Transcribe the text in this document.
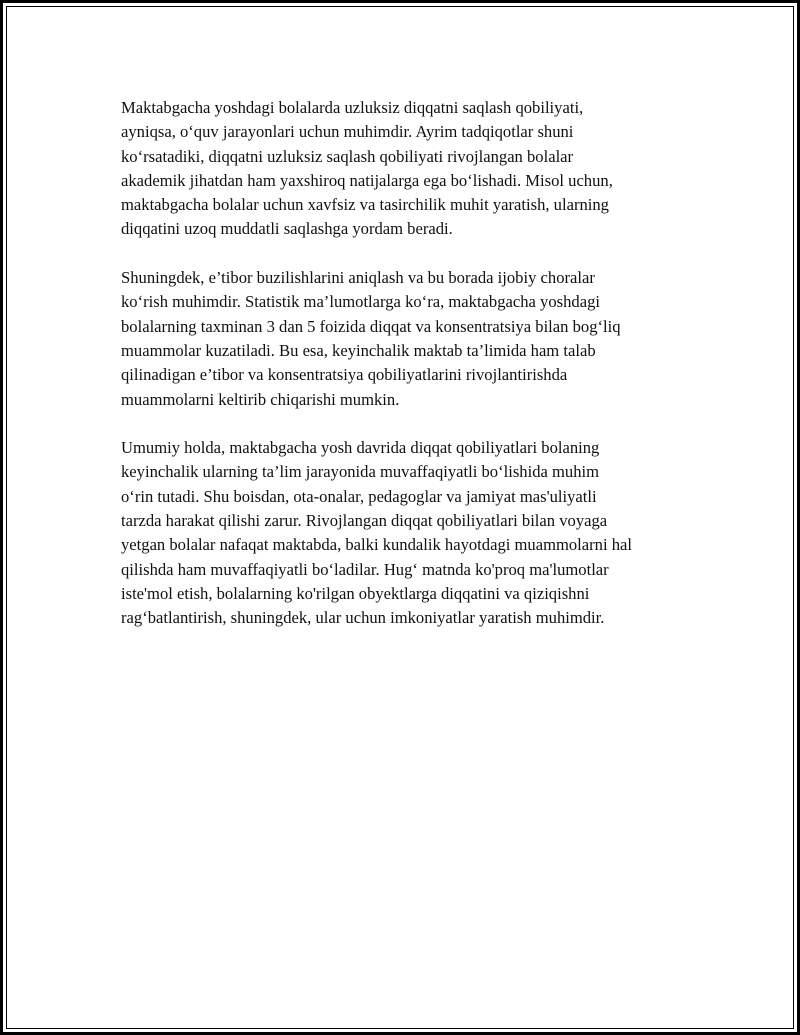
Maktabgacha yoshdagi bolalarda uzluksiz diqqatni saqlash qobiliyati,
ayniqsa, o‘quv jarayonlari uchun muhimdir. Ayrim tadqiqotlar shuni
ko‘rsatadiki, diqqatni uzluksiz saqlash qobiliyati rivojlangan bolalar
akademik jihatdan ham yaxshiroq natijalarga ega bo‘lishadi. Misol uchun,
maktabgacha bolalar uchun xavfsiz va tasirchilik muhit yaratish, ularning
diqqatini uzoq muddatli saqlashga yordam beradi.

Shuningdek, e’tibor buzilishlarini aniqlash va bu borada ijobiy choralar
ko‘rish muhimdir. Statistik ma’lumotlarga ko‘ra, maktabgacha yoshdagi
bolalarning taxminan 3 dan 5 foizida diqqat va konsentratsiya bilan bog‘liq
muammolar kuzatiladi. Bu esa, keyinchalik maktab ta’limida ham talab
qilinadigan e’tibor va konsentratsiya qobiliyatlarini rivojlantirishda
muammolarni keltirib chiqarishi mumkin.

Umumiy holda, maktabgacha yosh davrida diqqat qobiliyatlari bolaning
keyinchalik ularning ta’lim jarayonida muvaffaqiyatli bo‘lishida muhim
o‘rin tutadi. Shu boisdan, ota-onalar, pedagoglar va jamiyat mas'uliyatli
tarzda harakat qilishi zarur. Rivojlangan diqqat qobiliyatlari bilan voyaga
yetgan bolalar nafaqat maktabda, balki kundalik hayotdagi muammolarni hal
qilishda ham muvaffaqiyatli bo‘ladilar. Hug‘ matnda ko'proq ma'lumotlar
iste'mol etish, bolalarning ko'rilgan obyektlarga diqqatini va qiziqishni
rag‘batlantirish, shuningdek, ular uchun imkoniyatlar yaratish muhimdir.
